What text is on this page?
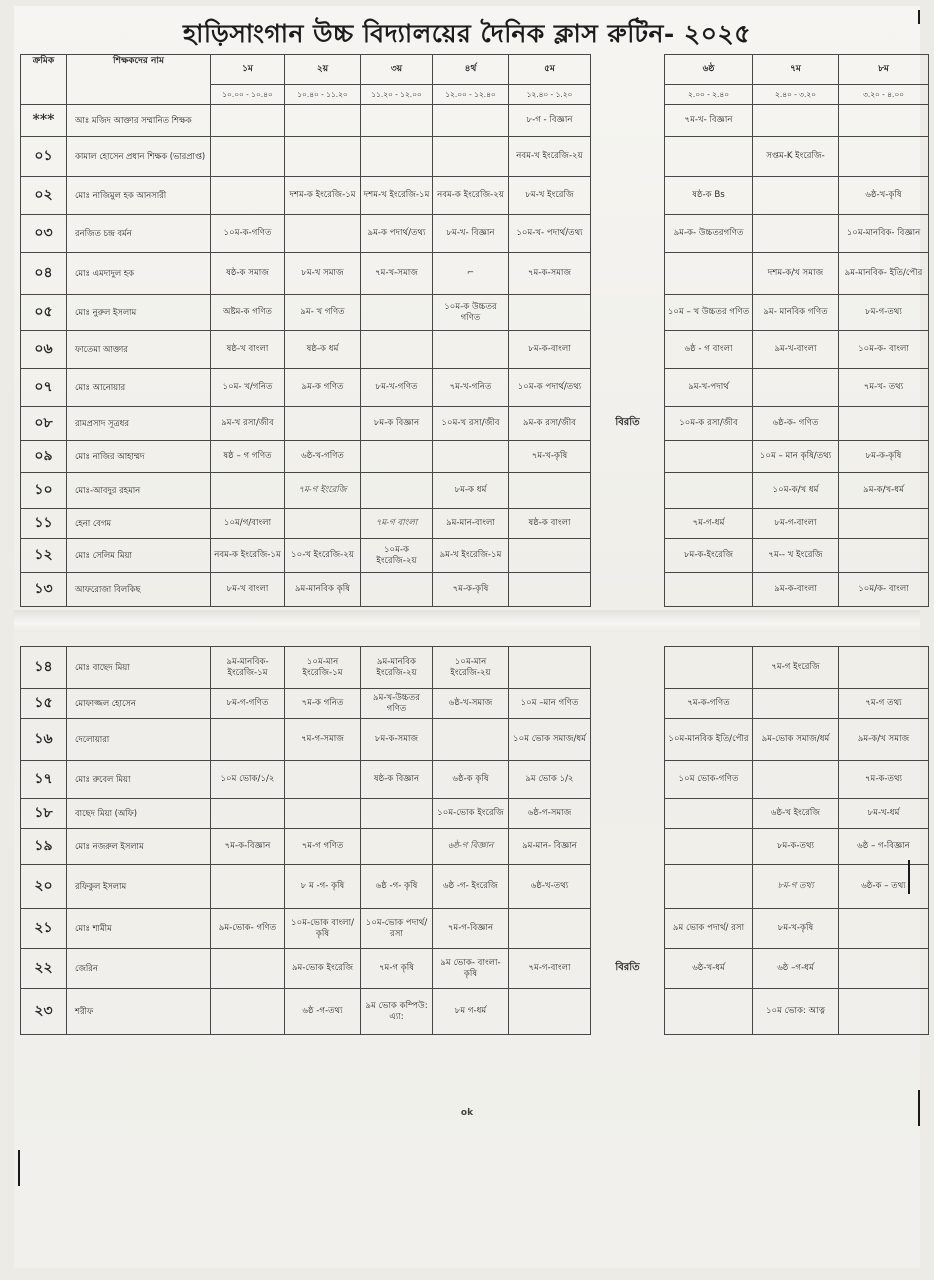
হাড়িসাংগান উচ্চ বিদ্যালয়ের দৈনিক ক্লাস রুটিন- ২০২৫
ক্রমিক	শিক্ষকদের নাম	১ম	২য়	৩য়	৪র্থ	৫ম		৬ষ্ঠ	৭ম	৮ম
		১০.০০ - ১০.৪০	১০.৪০ - ১১.২০	১১.২০ - ১২.০০	১২.০০ - ১২.৪০	১২.৪০ - ১.২০		২.০০ - ২.৪০	২.৪০ - ৩.২০	৩.২০ - ৪.০০
***	আঃ মজিদ আক্তার সম্মানিত শিক্ষক					৮-গ - বিজ্ঞান		৭ম-খ- বিজ্ঞান		
০১	কামাল হোসেন প্রধান শিক্ষক (ভারপ্রাপ্ত)					নবম-খ ইংরেজি-২য়			সপ্তম-K ইংরেজি-	
০২	মোঃ নাজিমুল হক আনসারী		দশম-ক ইংরেজি-১ম	দশম-খ ইংরেজি-১ম	নবম-ক ইংরেজি-২য়	৮ম-খ ইংরেজি		ষষ্ঠ-ক Bs		৬ষ্ঠ-খ-কৃষি
০৩	রনজিত চন্দ্র বর্মন	১০ম-ক-গণিত		৯ম-ক পদার্থ/তথ্য	৮ম-খ- বিজ্ঞান	১০ম-খ- পদার্থ/তথ্য		৯ম-ক- উচ্চতরগণিত		১০ম-মানবিক- বিজ্ঞান
০৪	মোঃ এমদাদুল হক	ষষ্ঠ-ক সমাজ	৮ম-খ সমাজ	৭ম-খ-সমাজ	⌐	৭ম-ক-সমাজ			দশম-ক/খ সমাজ	৯ম-মানবিক- ইতি/পৌর
০৫	মোঃ নুরুল ইসলাম	অষ্টম-ক গণিত	৯ম- খ গণিত		১০ম-ক উচ্চতর গণিত			১০ম – খ উচ্চতর গণিত	৯ম- মানবিক গণিত	৮ম-গ-তথ্য
০৬	ফাতেমা আক্তার	ষষ্ঠ-খ বাংলা	ষষ্ঠ-ক ধর্ম			৮ম-ক-বাংলা		৬ষ্ঠ - গ বাংলা	৯ম-খ-বাংলা	১০ম-ক- বাংলা
০৭	মোঃ আনোয়ার	১০ম- খ/গনিত	৯ম-ক গণিত	৮ম-খ-গণিত	৭ম-খ-গনিত	১০ম-ক পদার্থ/তথ্য		৯ম-খ-পদার্থ		৭ম-খ- তথ্য
০৮	রামপ্রসাদ সূত্রধর	৯ম-খ রসা/জীব		৮ম-ক বিজ্ঞান	১০ম-খ রসা/জীব	৯ম-ক রসা/জীব	বিরতি	১০ম-ক রসা/জীব	৬ষ্ঠ-ক- গণিত	
০৯	মোঃ নাজির আহাম্মদ	ষষ্ঠ – গ গণিত	৬ষ্ঠ-খ-গণিত			৭ম-খ-কৃষি			১০ম – মান কৃষি/তথ্য	৮ম-ক-কৃষি
১০	মোঃ-আবদুর রহমান		৭ম-গ ইংরেজি		৮ম-ক ধর্ম				১০ম-ক/খ ধর্ম	৯ম-ক/খ-ধর্ম
১১	হেনা বেগম	১০ম/গ/বাংলা		৭ম-গ বাংলা	৯ম-মান-বাংলা	ষষ্ঠ-ক বাংলা		৭ম-গ-ধর্ম	৮ম-গ-বাংলা	
১২	মোঃ সেলিম মিয়া	নবম-ক ইংরেজি-১ম	১০-খ ইংরেজি-২য়	১০ম-ক ইংরেজি-২য়	৯ম-খ ইংরেজি-১ম			৮ম-ক-ইংরেজি	৭ম-- খ ইংরেজি	
১৩	আফরোজা বিলকিছ	৮ম-খ বাংলা	৯ম-মানবিক কৃষি		৭ম-ক-কৃষি				৯ম-ক-বাংলা	১০ম/ক- বাংলা
১৪	মোঃ বাছেদ মিয়া	৯ম-মানবিক- ইংরেজি-১ম	১০ম-মান ইংরেজি-১ম	৯ম-মানবিক ইংরেজি-২য়	১০ম-মান ইংরেজি-২য়				৭ম-গ ইংরেজি	
১৫	মোফাজ্জল হোসেন	৮ম-গ-গণিত	৭ম-ক গনিত	৯ম-খ-উচ্চতর গণিত	৬ষ্ঠ-খ-সমাজ	১০ম –মান গণিত		৭ম-ক-গণিত		৭ম-গ তথ্য
১৬	দেলোয়ারা		৭ম-গ-সমাজ	৮ম-ক-সমাজ		১০ম ভোক সমাজ/ধর্ম		১০ম-মানবিক ইতি/পৌর	৯ম-ভোক সমাজ/ধর্ম	৯ম-ক/খ সমাজ
১৭	মোঃ রুবেল মিয়া	১০ম ভোক/১/২		ষষ্ঠ-ক বিজ্ঞান	৬ষ্ঠ-ক কৃষি	৯ম ভোক ১/২		১০ম ভোক-গণিত		৭ম-ক-তথ্য
১৮	বাছেদ মিয়া (অফি)				১০ম-ভোক ইংরেজি	৬ষ্ঠ-গ-সমাজ			৬ষ্ঠ-খ ইংরেজি	৮ম-খ-ধর্ম
১৯	মোঃ নজরুল ইসলাম	৭ম-ক-বিজ্ঞান	৭ম-গ গণিত		৬ষ্ঠ-গ বিজ্ঞান	৯ম-মান- বিজ্ঞান			৮ম-ক-তথ্য	৬ষ্ঠ – গ-বিজ্ঞান
২০	রফিকুল ইসলাম		৮ ম -গ- কৃষি	৬ষ্ঠ -গ- কৃষি	৬ষ্ঠ -গ- ইংরেজি	৬ষ্ঠ-খ-তথ্য			৮ম-গ তথ্য	৬ষ্ঠ-ক – তথ্য
২১	মোঃ শামীম	৯ম-ভোক- গণিত	১০ম-ভোক বাংলা/কৃষি	১০ম-ভোক পদার্থ/ রসা	৭ম-গ-বিজ্ঞান			৯ম ভোক পদার্থ/ রসা	৮ম-খ-কৃষি	
২২	জেরিন		৯ম-ভোক ইংরেজি	৭ম-গ কৃষি	৯ম ভোক- বাংলা-কৃষি	৭ম-গ-বাংলা	বিরতি	৬ষ্ঠ-খ-ধর্ম	৬ষ্ঠ –গ-ধর্ম	
২৩	শরীফ		৬ষ্ঠ -গ-তথ্য	৯ম ভোক কম্পিউ: এ্যা:	৮ম গ-ধর্ম				১০ম ভোক: আত্ন	
ok
